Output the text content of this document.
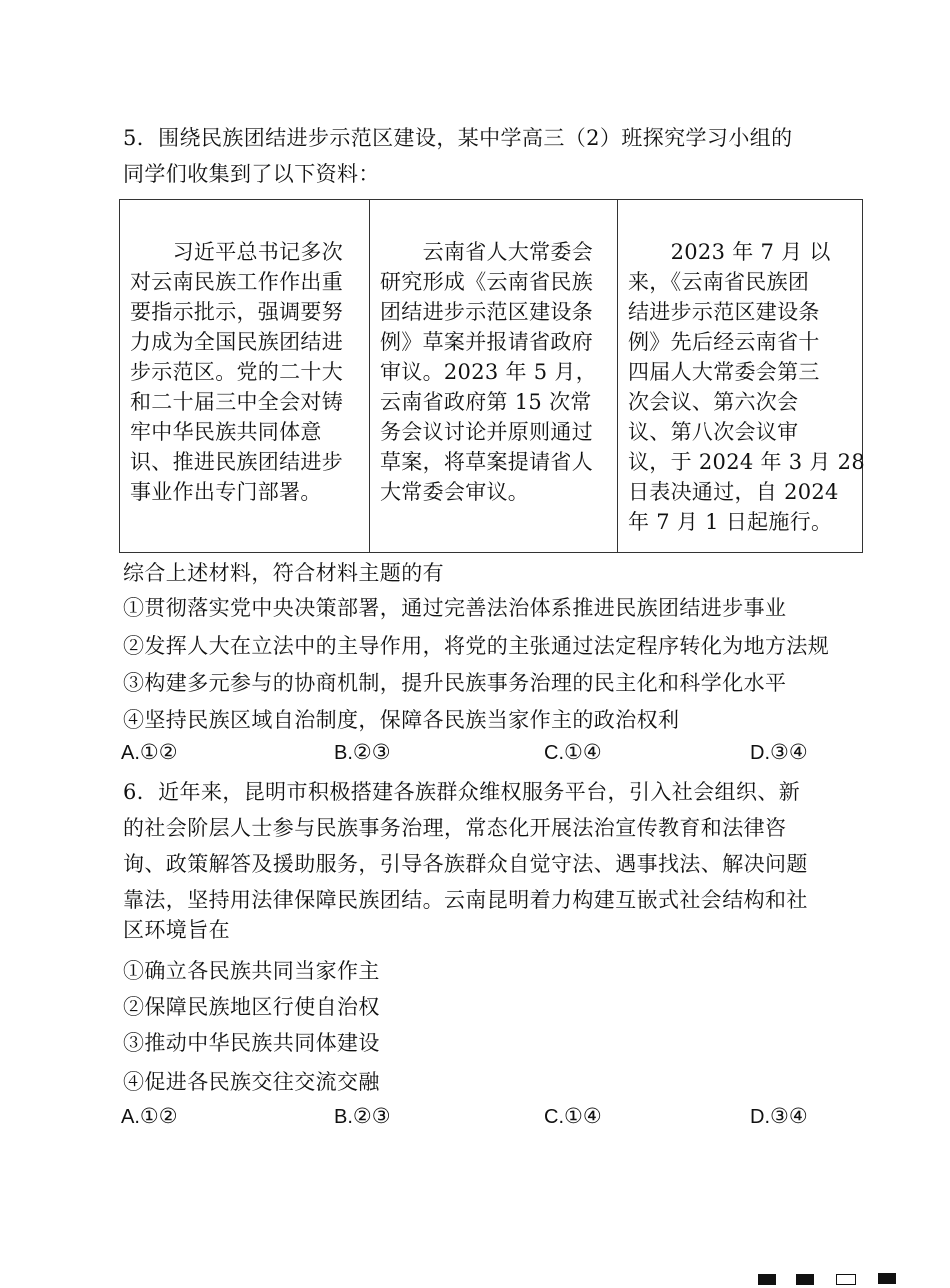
5．围绕民族团结进步示范区建设，某中学高三（2）班探究学习小组的
同学们收集到了以下资料：
　　习近平总书记多次
对云南民族工作作出重
要指示批示，强调要努
力成为全国民族团结进
步示范区。党的二十大
和二十届三中全会对铸
牢中华民族共同体意
识、推进民族团结进步
事业作出专门部署。
　　云南省人大常委会
研究形成《云南省民族
团结进步示范区建设条
例》草案并报请省政府
审议。2023 年 5 月，
云南省政府第 15 次常
务会议讨论并原则通过
草案，将草案提请省人
大常委会审议。
　　2023 年 7 月 以
来，《云南省民族团
结进步示范区建设条
例》先后经云南省十
四届人大常委会第三
次会议、第六次会
议、第八次会议审
议，于 2024 年 3 月 28
日表决通过，自 2024
年 7 月 1 日起施行。
综合上述材料，符合材料主题的有
①贯彻落实党中央决策部署，通过完善法治体系推进民族团结进步事业
②发挥人大在立法中的主导作用，将党的主张通过法定程序转化为地方法规
③构建多元参与的协商机制，提升民族事务治理的民主化和科学化水平
④坚持民族区域自治制度，保障各民族当家作主的政治权利
A.①②	B.②③	C.①④	D.③④
6．近年来，昆明市积极搭建各族群众维权服务平台，引入社会组织、新
的社会阶层人士参与民族事务治理，常态化开展法治宣传教育和法律咨
询、政策解答及援助服务，引导各族群众自觉守法、遇事找法、解决问题
靠法，坚持用法律保障民族团结。云南昆明着力构建互嵌式社会结构和社
区环境旨在
①确立各民族共同当家作主
②保障民族地区行使自治权
③推动中华民族共同体建设
④促进各民族交往交流交融
A.①②	B.②③	C.①④	D.③④
